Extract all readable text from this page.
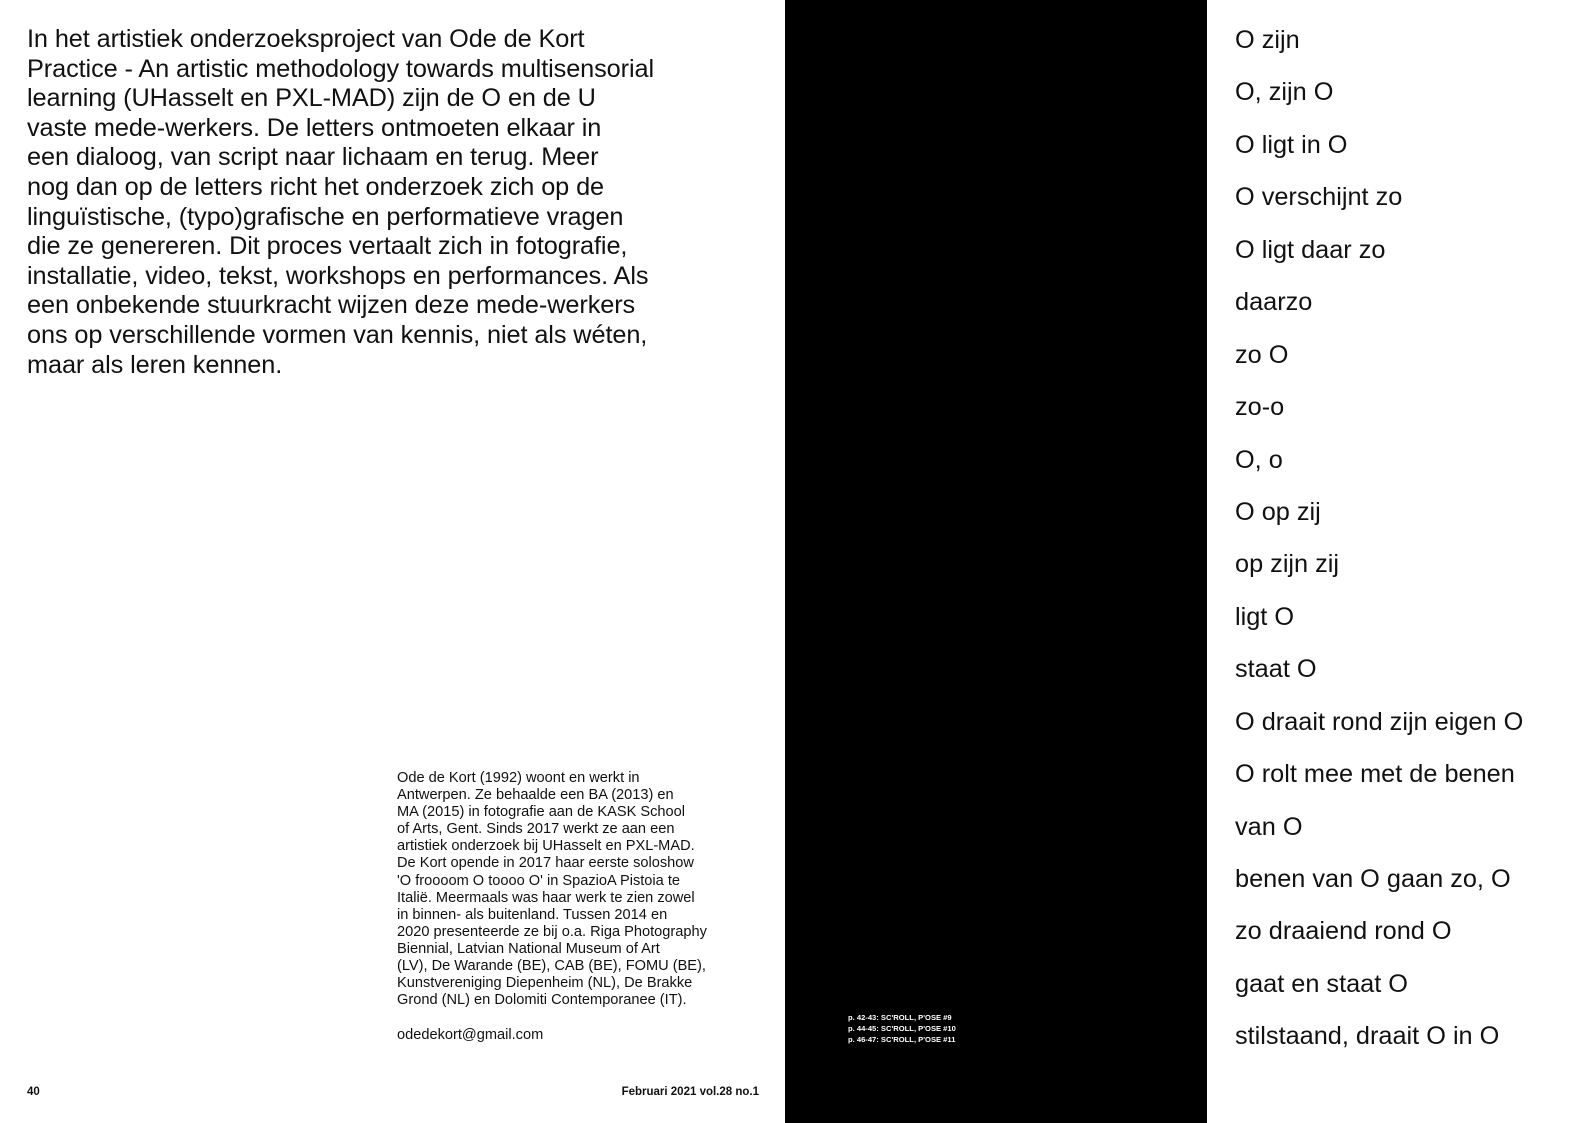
In het artistiek onderzoeksproject van Ode de Kort
Practice - An artistic methodology towards multisensorial
learning (UHasselt en PXL-MAD) zijn de O en de U
vaste mede-werkers. De letters ontmoeten elkaar in
een dialoog, van script naar lichaam en terug. Meer
nog dan op de letters richt het onderzoek zich op de
linguïstische, (typo)grafische en performatieve vragen
die ze genereren. Dit proces vertaalt zich in fotografie,
installatie, video, tekst, workshops en performances. Als
een onbekende stuurkracht wijzen deze mede-werkers
ons op verschillende vormen van kennis, niet als wéten,
maar als leren kennen.

Ode de Kort (1992) woont en werkt in
Antwerpen. Ze behaalde een BA (2013) en
MA (2015) in fotografie aan de KASK School
of Arts, Gent. Sinds 2017 werkt ze aan een
artistiek onderzoek bij UHasselt en PXL-MAD.
De Kort opende in 2017 haar eerste soloshow
'O froooom O toooo O' in SpazioA Pistoia te
Italië. Meermaals was haar werk te zien zowel
in binnen- als buitenland. Tussen 2014 en
2020 presenteerde ze bij o.a. Riga Photography
Biennial, Latvian National Museum of Art
(LV), De Warande (BE), CAB (BE), FOMU (BE),
Kunstvereniging Diepenheim (NL), De Brakke
Grond (NL) en Dolomiti Contemporanee (IT).

odedekort@gmail.com
40	Februari 2021 vol.28 no.1
p. 42-43: SC'ROLL, P'OSE #9
p. 44-45: SC'ROLL, P'OSE #10
p. 46-47: SC'ROLL, P'OSE #11
O zijn
O, zijn O
O ligt in O
O verschijnt zo
O ligt daar zo
daarzo
zo O
zo-o
O, o
O op zij
op zijn zij
ligt O
staat O
O draait rond zijn eigen O
O rolt mee met de benen
van O
benen van O gaan zo, O
zo draaiend rond O
gaat en staat O
stilstaand, draait O in O
